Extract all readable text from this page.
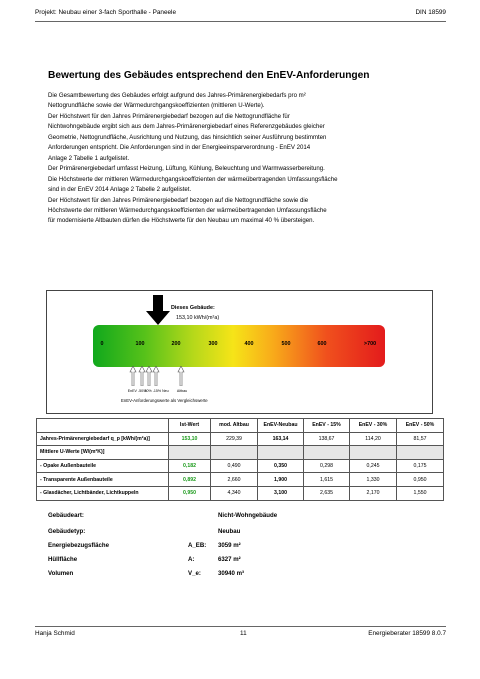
Projekt: Neubau einer 3-fach Sporthalle - Paneele	DIN 18599
Bewertung des Gebäudes entsprechend den EnEV-Anforderungen
Die Gesamtbewertung des Gebäudes erfolgt aufgrund des Jahres-Primärenergiebedarfs pro m²
Nettogrundfläche sowie der Wärmedurchgangskoeffizienten (mittleren U-Werte).
Der Höchstwert für den Jahres Primärenergiebedarf bezogen auf die Nettogrundfläche für
Nichtwohngebäude ergibt sich aus dem Jahres-Primärenergiebedarf eines Referenzgebäudes gleicher
Geometrie, Nettogrundfläche, Ausrichtung und Nutzung, das hinsichtlich seiner Ausführung bestimmten
Anforderungen entspricht. Die Anforderungen sind in der Energieeinsparverordnung - EnEV 2014
Anlage 2 Tabelle 1 aufgelistet.
Der Primärenergiebedarf umfasst Heizung, Lüftung, Kühlung, Beleuchtung und Warmwasserbereitung.
Die Höchstwerte der mittleren Wärmedurchgangskoeffizienten der wärmeübertragenden Umfassungsfläche
sind in der EnEV 2014 Anlage 2 Tabelle 2 aufgelistet.
Der Höchstwert für den Jahres Primärenergiebedarf bezogen auf die Nettogrundfläche sowie die
Höchstwerte der mittleren Wärmedurchgangskoeffizienten der wärmeübertragenden Umfassungsfläche
für modernisierte Altbauten dürfen die Höchstwerte für den Neubau um maximal 40 % übersteigen.
Dieses Gebäude:
153,10 kWh/(m²a)
0	100	200	300	400	500	600	>700
EnEV -50%
-30% -15% Neu Altbau
EnEV-Anforderungswerte als Vergleichswerte
	Ist-Wert	mod. Altbau	EnEV-Neubau	EnEV - 15%	EnEV - 30%	EnEV - 50%
Jahres-Primärenergiebedarf q_p [kWh/(m²a)]	153,10	229,39	163,14	138,67	114,20	81,57
Mittlere U-Werte [W/(m²K)]						
- Opake Außenbauteile	0,182	0,490	0,350	0,298	0,245	0,175
- Transparente Außenbauteile	0,892	2,660	1,900	1,615	1,330	0,950
- Glasdächer, Lichtbänder, Lichtkuppeln	0,950	4,340	3,100	2,635	2,170	1,550
Gebäudeart:	Nicht-Wohngebäude
Gebäudetyp:	Neubau
Energiebezugsfläche	A_EB: 3059 m²
Hüllfläche	A:	6327 m²
Volumen	V_e:	30940 m³
Hanja Schmid	11	Energieberater 18599 8.0.7
